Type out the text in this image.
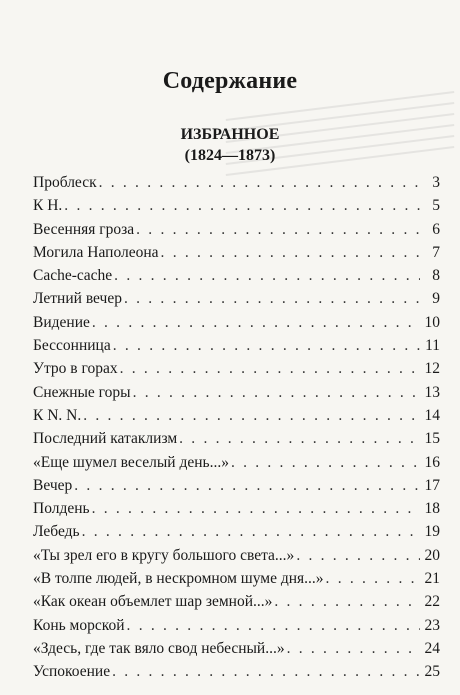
Содержание
ИЗБРАННОЕ
(1824—1873)
Проблеск . . .	3
К Н. . . .	5
Весенняя гроза . . .	6
Могила Наполеона . . .	7
Cache-cache . . .	8
Летний вечер . . .	9
Видение . . .	10
Бессонница . . .	11
Утро в горах . . .	12
Снежные горы . . .	13
К N. N. . . .	14
Последний катаклизм . . .	15
«Еще шумел веселый день...» . . .	16
Вечер . . .	17
Полдень . . .	18
Лебедь . . .	19
«Ты зрел его в кругу большого света...» . . .	20
«В толпе людей, в нескромном шуме дня...» . . .	21
«Как океан объемлет шар земной...» . . .	22
Конь морской . . .	23
«Здесь, где так вяло свод небесный...» . . .	24
Успокоение . . .	25
